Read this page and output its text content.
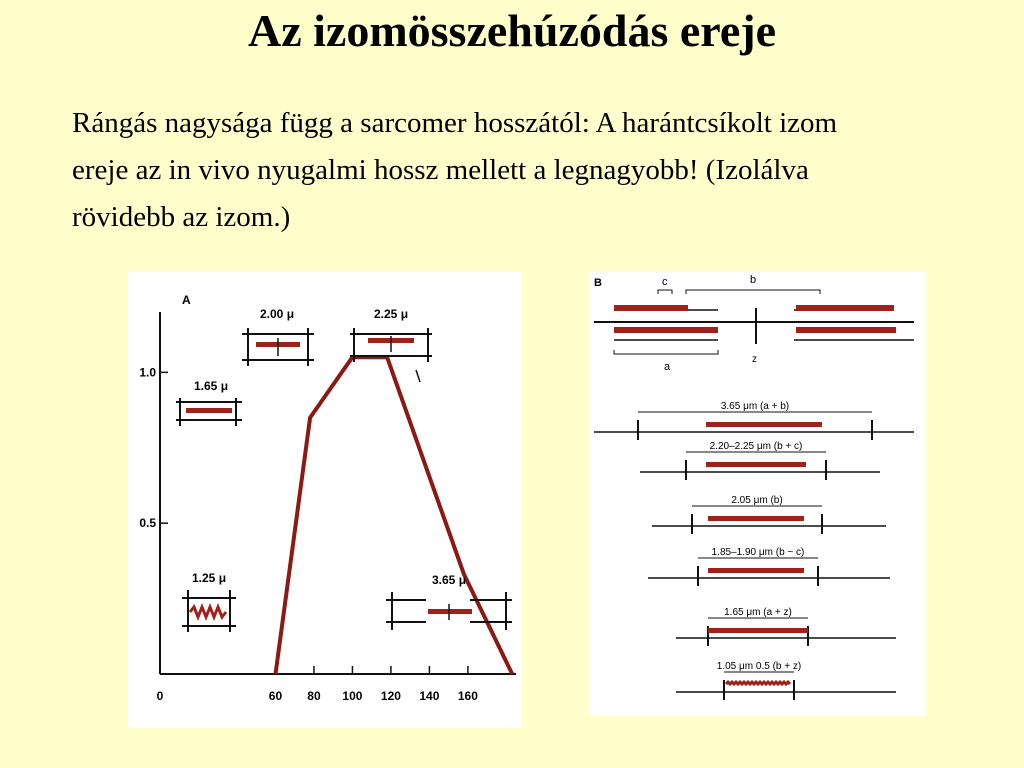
Az izomösszehúzódás ereje
Rángás nagysága függ a sarcomer hosszától: A harántcsíkolt izom ereje az in vivo nyugalmi hossz mellett a legnagyobb! (Izolálva rövidebb az izom.)
A
0	60 80 100 120 140 160
0.5
1.0
2.00 μ	2.25 μ
1.65 μ
1.25 μ	3.65 μ
B	c	b
z
a
3.65 μm (a + b)
2.20–2.25 μm (b + c)
2.05 μm (b)
1.85–1.90 μm (b − c)
1.65 μm (a + z)
1.05 μm 0.5 (b + z)
